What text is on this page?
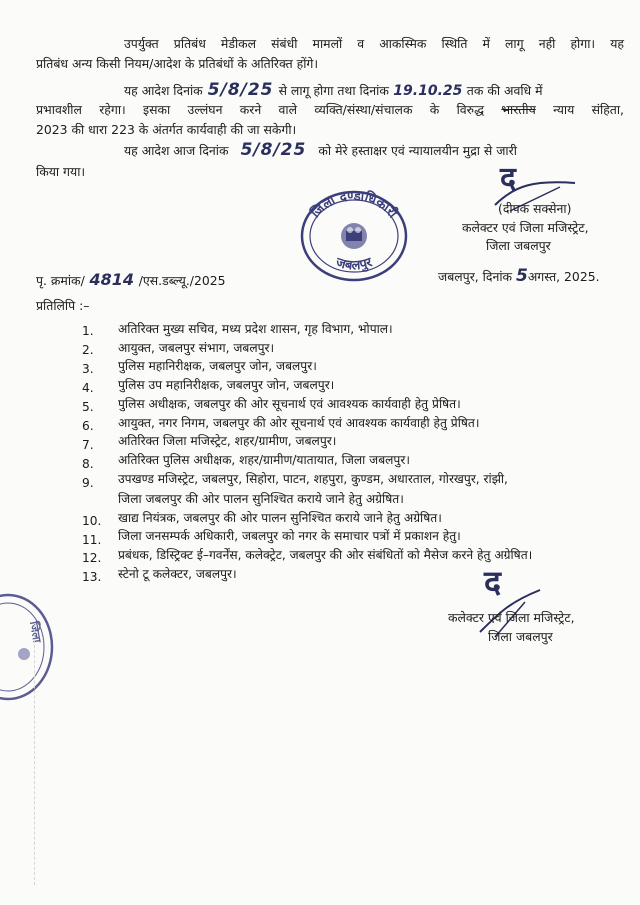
उपर्युक्त प्रतिबंध मेडीकल संबंधी मामलों व आकस्मिक स्थिति में लागू नही होगा। यह
प्रतिबंध अन्य किसी नियम/आदेश के प्रतिबंधों के अतिरिक्त होंगे।
यह आदेश दिनांक 5/8/25 से लागू होगा तथा दिनांक 19.10.25 तक की अवधि में
प्रभावशील रहेगा। इसका उल्लंघन करने वाले व्यक्ति/संस्था/संचालक के विरुद्ध भारतीय न्याय संहिता,
2023 की धारा 223 के अंतर्गत कार्यवाही की जा सकेगी।
यह आदेश आज दिनांक 5/8/25 को मेरे हस्ताक्षर एवं न्यायालयीन मुद्रा से जारी
किया गया।	द
(दीपक सक्सेना)
कलेक्टर एवं जिला मजिस्ट्रेट,
जिला जबलपुर
जिला दण्डाधिकारी
जबलपुर
पृ. क्रमांक/ 4814 /एस.डब्ल्यू./2025	जबलपुर, दिनांक 5अगस्त, 2025.
प्रतिलिपि :–
1.	अतिरिक्त मुख्य सचिव, मध्य प्रदेश शासन, गृह विभाग, भोपाल।
2.	आयुक्त, जबलपुर संभाग, जबलपुर।
3.	पुलिस महानिरीक्षक, जबलपुर जोन, जबलपुर।
4.	पुलिस उप महानिरीक्षक, जबलपुर जोन, जबलपुर।
5.	पुलिस अधीक्षक, जबलपुर की ओर सूचनार्थ एवं आवश्यक कार्यवाही हेतु प्रेषित।
6.	आयुक्त, नगर निगम, जबलपुर की ओर सूचनार्थ एवं आवश्यक कार्यवाही हेतु प्रेषित।
7.	अतिरिक्त जिला मजिस्ट्रेट, शहर/ग्रामीण, जबलपुर।
8.	अतिरिक्त पुलिस अधीक्षक, शहर/ग्रामीण/यातायात, जिला जबलपुर।
9.	उपखण्ड मजिस्ट्रेट, जबलपुर, सिहोरा, पाटन, शहपुरा, कुण्डम, अधारताल, गोरखपुर, रांझी,
जिला जबलपुर की ओर पालन सुनिश्चित कराये जाने हेतु अग्रेषित।
10.	खाद्य नियंत्रक, जबलपुर की ओर पालन सुनिश्चित कराये जाने हेतु अग्रेषित।
11.	जिला जनसम्पर्क अधिकारी, जबलपुर को नगर के समाचार पत्रों में प्रकाशन हेतु।
12.	प्रबंधक, डिस्ट्रिक्ट ई–गवर्नेंस, कलेक्ट्रेट, जबलपुर की ओर संबंधितों को मैसेज करने हेतु अग्रेषित।
13.	स्टेनो टू कलेक्टर, जबलपुर।	द
कलेक्टर एवं जिला मजिस्ट्रेट,
जिला जबलपुर
जिला
